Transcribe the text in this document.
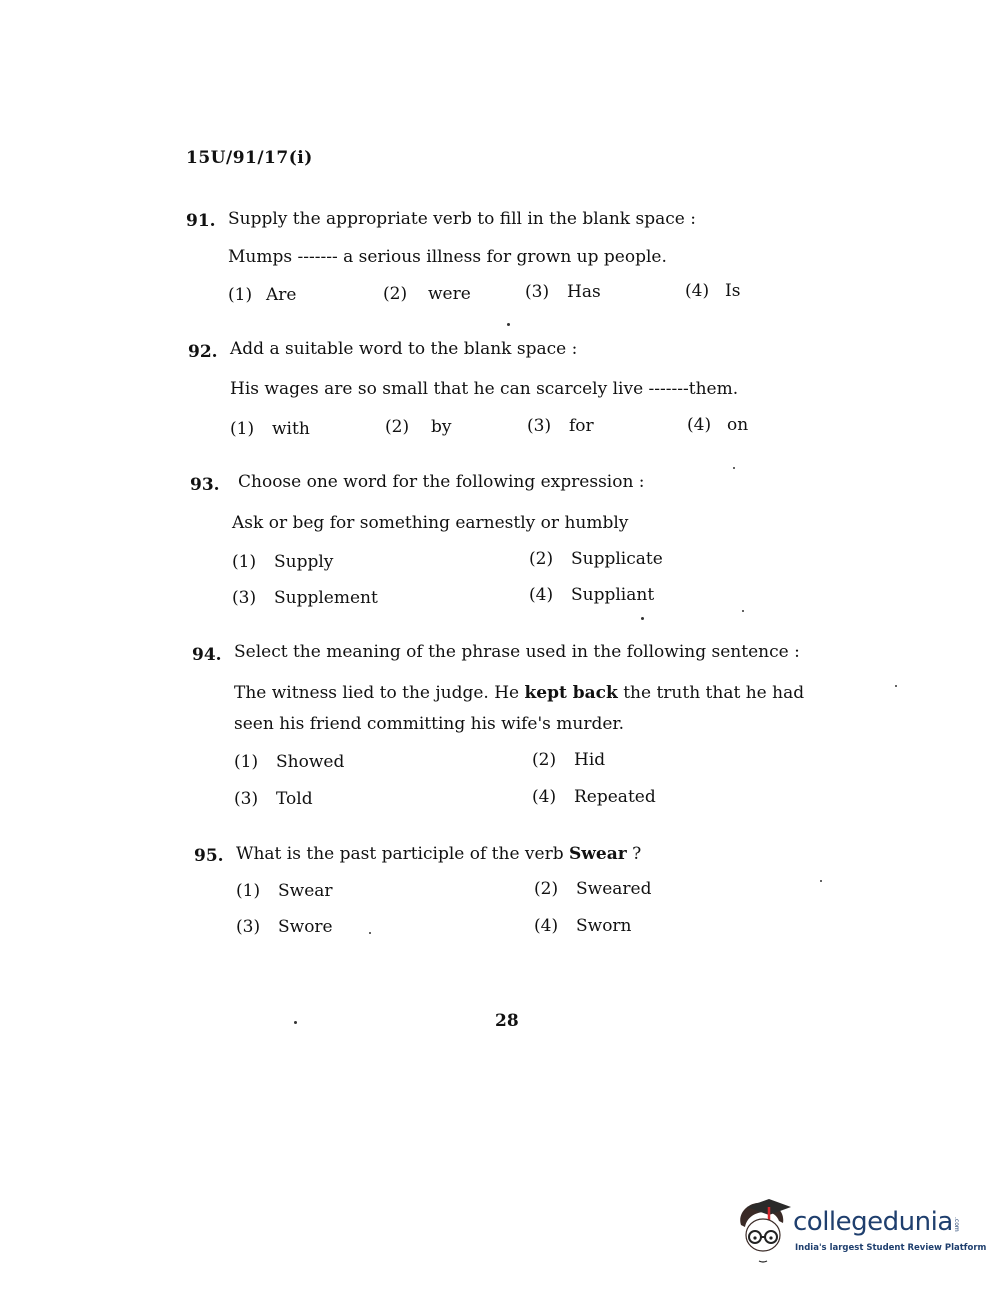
15U/91/17(i)
91. Supply the appropriate verb to fill in the blank space :
Mumps ------- a serious illness for grown up people.
(1) Are	(2) were	(3) Has	(4) Is
92. Add a suitable word to the blank space :
His wages are so small that he can scarcely live -------them.
(1) with	(2) by	(3) for	(4) on
93. Choose one word for the following expression :
Ask or beg for something earnestly or humbly
(1) Supply	(2) Supplicate
(3) Supplement	(4) Suppliant
94. Select the meaning of the phrase used in the following sentence :
The witness lied to the judge. He kept back the truth that he had
seen his friend committing his wife's murder.
(1) Showed	(2) Hid
(3) Told	(4) Repeated
95. What is the past participle of the verb Swear ?
(1) Swear	(2) Sweared
(3) Swore	(4) Sworn
28
collegedunia .com
India's largest Student Review Platform
